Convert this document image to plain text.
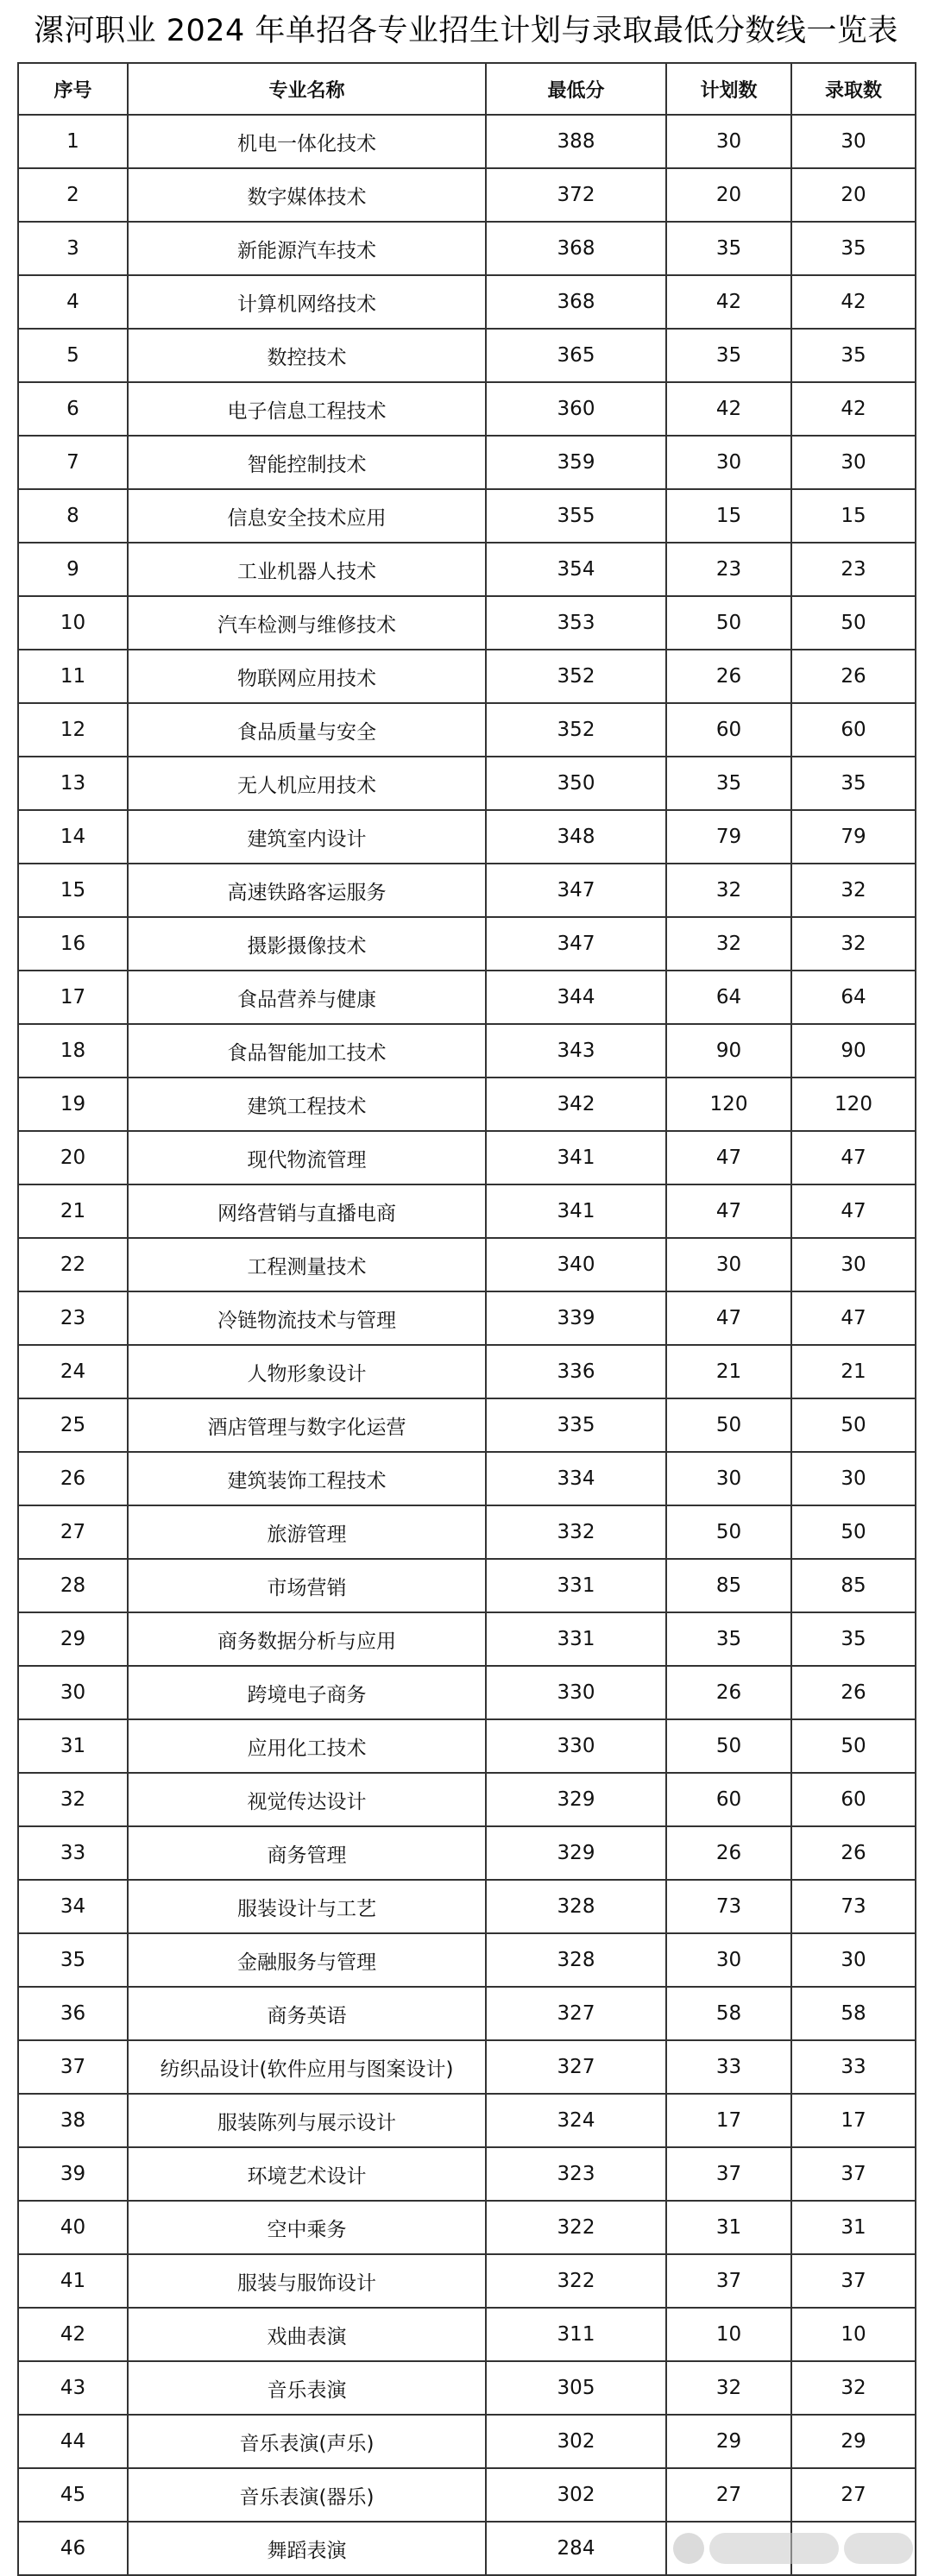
漯河职业 2024 年单招各专业招生计划与录取最低分数线一览表
序号	专业名称	最低分	计划数	录取数
1	机电一体化技术	388	30	30
2	数字媒体技术	372	20	20
3	新能源汽车技术	368	35	35
4	计算机网络技术	368	42	42
5	数控技术	365	35	35
6	电子信息工程技术	360	42	42
7	智能控制技术	359	30	30
8	信息安全技术应用	355	15	15
9	工业机器人技术	354	23	23
10	汽车检测与维修技术	353	50	50
11	物联网应用技术	352	26	26
12	食品质量与安全	352	60	60
13	无人机应用技术	350	35	35
14	建筑室内设计	348	79	79
15	高速铁路客运服务	347	32	32
16	摄影摄像技术	347	32	32
17	食品营养与健康	344	64	64
18	食品智能加工技术	343	90	90
19	建筑工程技术	342	120	120
20	现代物流管理	341	47	47
21	网络营销与直播电商	341	47	47
22	工程测量技术	340	30	30
23	冷链物流技术与管理	339	47	47
24	人物形象设计	336	21	21
25	酒店管理与数字化运营	335	50	50
26	建筑装饰工程技术	334	30	30
27	旅游管理	332	50	50
28	市场营销	331	85	85
29	商务数据分析与应用	331	35	35
30	跨境电子商务	330	26	26
31	应用化工技术	330	50	50
32	视觉传达设计	329	60	60
33	商务管理	329	26	26
34	服装设计与工艺	328	73	73
35	金融服务与管理	328	30	30
36	商务英语	327	58	58
37	纺织品设计(软件应用与图案设计)	327	33	33
38	服装陈列与展示设计	324	17	17
39	环境艺术设计	323	37	37
40	空中乘务	322	31	31
41	服装与服饰设计	322	37	37
42	戏曲表演	311	10	10
43	音乐表演	305	32	32
44	音乐表演(声乐)	302	29	29
45	音乐表演(器乐)	302	27	27
46	舞蹈表演	284		
